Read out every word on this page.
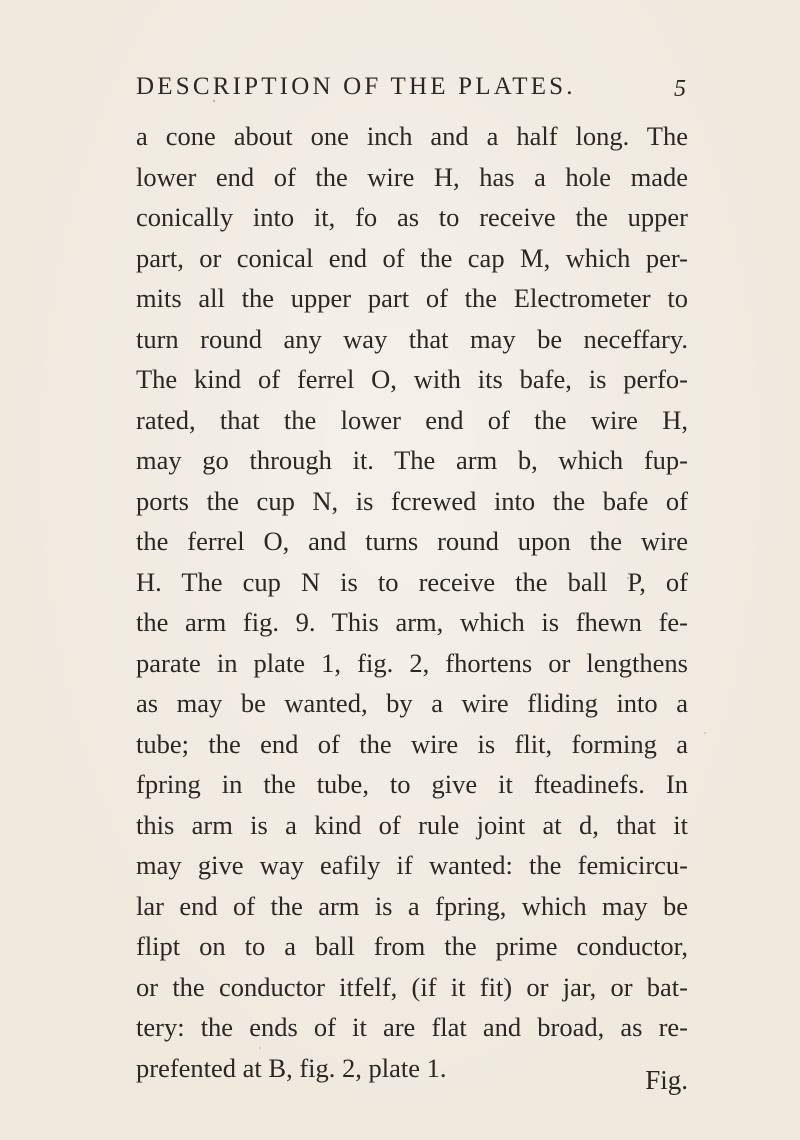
DESCRIPTION OF THE PLATES.	5
a cone about one inch and a half long. The
lower end of the wire H, has a hole made
conically into it, fo as to receive the upper
part, or conical end of the cap M, which per-
mits all the upper part of the Electrometer to
turn round any way that may be neceffary.
The kind of ferrel O, with its bafe, is perfo-
rated, that the lower end of the wire H,
may go through it. The arm b, which fup-
ports the cup N, is fcrewed into the bafe of
the ferrel O, and turns round upon the wire
H. The cup N is to receive the ball P, of
the arm fig. 9. This arm, which is fhewn fe-
parate in plate 1, fig. 2, fhortens or lengthens
as may be wanted, by a wire fliding into a
tube; the end of the wire is flit, forming a
fpring in the tube, to give it fteadinefs. In
this arm is a kind of rule joint at d, that it
may give way eafily if wanted: the femicircu-
lar end of the arm is a fpring, which may be
flipt on to a ball from the prime conductor,
or the conductor itfelf, (if it fit) or jar, or bat-
tery: the ends of it are flat and broad, as re-
prefented at B, fig. 2, plate 1.	Fig.
